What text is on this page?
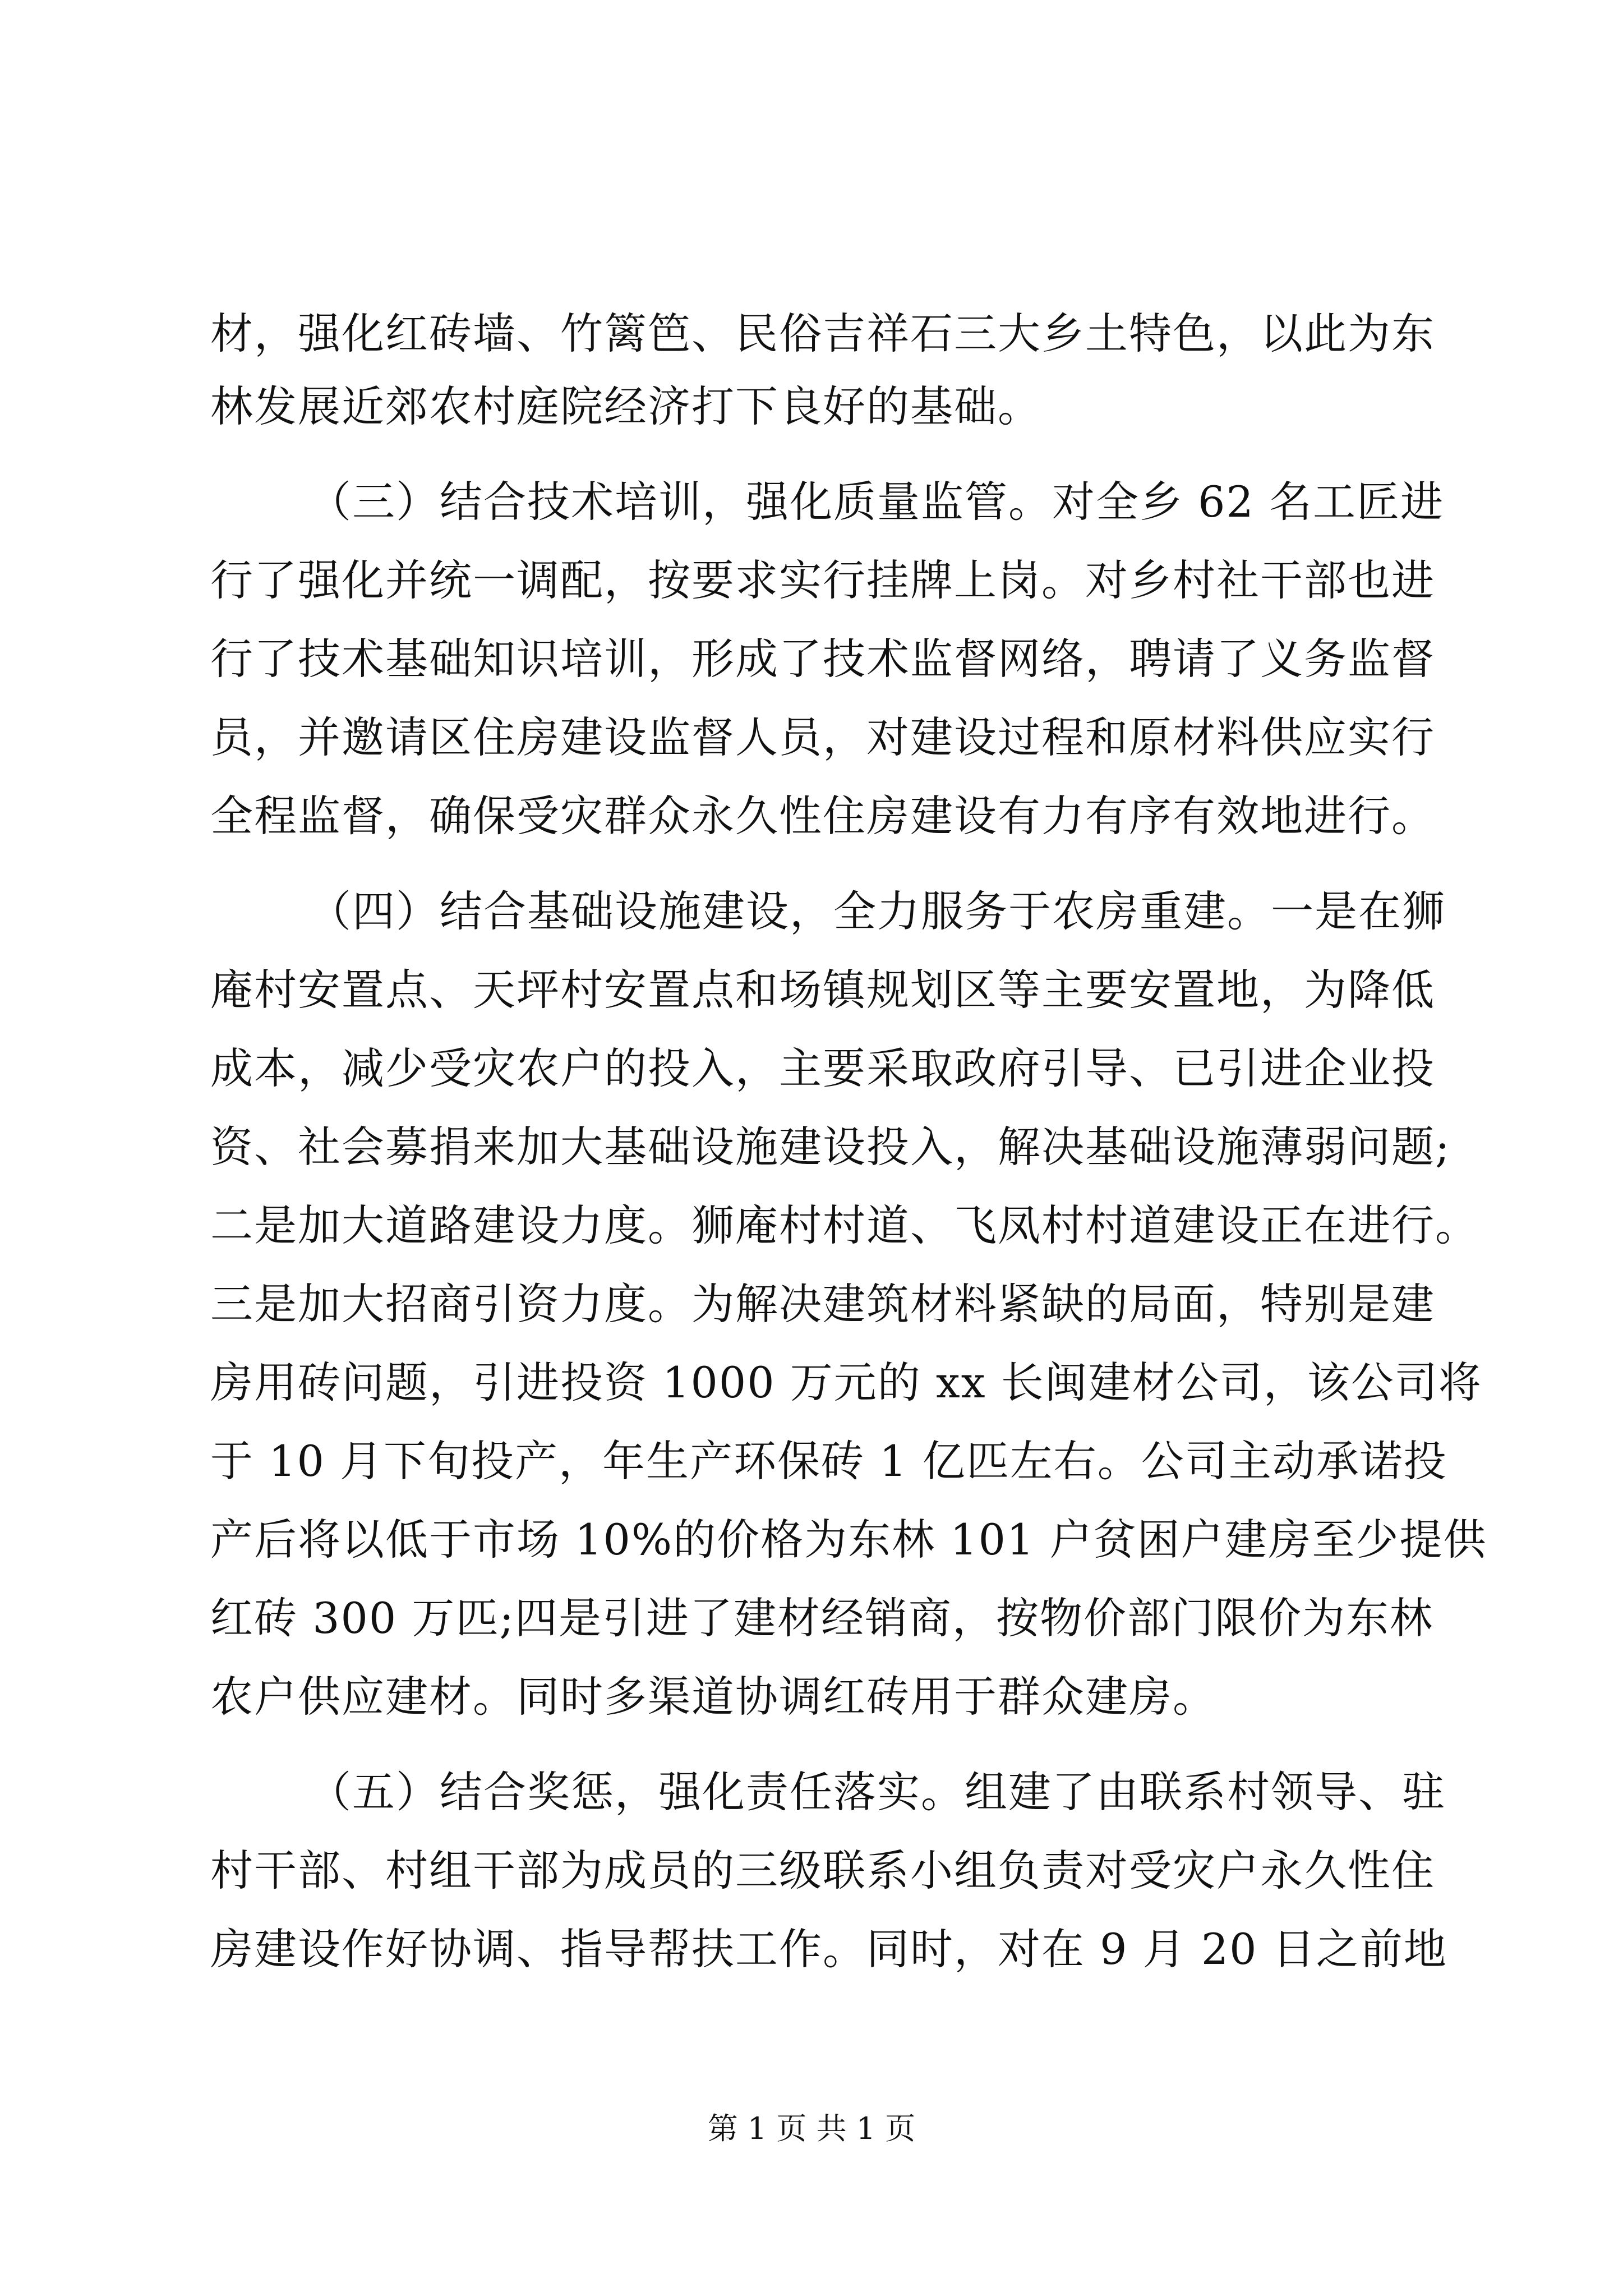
材，强化红砖墙、竹篱笆、民俗吉祥石三大乡土特色，以此为东
林发展近郊农村庭院经济打下良好的基础。
（三）结合技术培训，强化质量监管。对全乡 62 名工匠进
行了强化并统一调配，按要求实行挂牌上岗。对乡村社干部也进
行了技术基础知识培训，形成了技术监督网络，聘请了义务监督
员，并邀请区住房建设监督人员，对建设过程和原材料供应实行
全程监督，确保受灾群众永久性住房建设有力有序有效地进行。
（四）结合基础设施建设，全力服务于农房重建。一是在狮
庵村安置点、天坪村安置点和场镇规划区等主要安置地，为降低
成本，减少受灾农户的投入，主要采取政府引导、已引进企业投
资、社会募捐来加大基础设施建设投入，解决基础设施薄弱问题;
二是加大道路建设力度。狮庵村村道、飞凤村村道建设正在进行。
三是加大招商引资力度。为解决建筑材料紧缺的局面，特别是建
房用砖问题，引进投资 1000 万元的 xx 长闽建材公司，该公司将
于 10 月下旬投产，年生产环保砖 1 亿匹左右。公司主动承诺投
产后将以低于市场 10%的价格为东林 101 户贫困户建房至少提供
红砖 300 万匹;四是引进了建材经销商，按物价部门限价为东林
农户供应建材。同时多渠道协调红砖用于群众建房。
（五）结合奖惩，强化责任落实。组建了由联系村领导、驻
村干部、村组干部为成员的三级联系小组负责对受灾户永久性住
房建设作好协调、指导帮扶工作。同时，对在 9 月 20 日之前地
第 1 页 共 1 页
